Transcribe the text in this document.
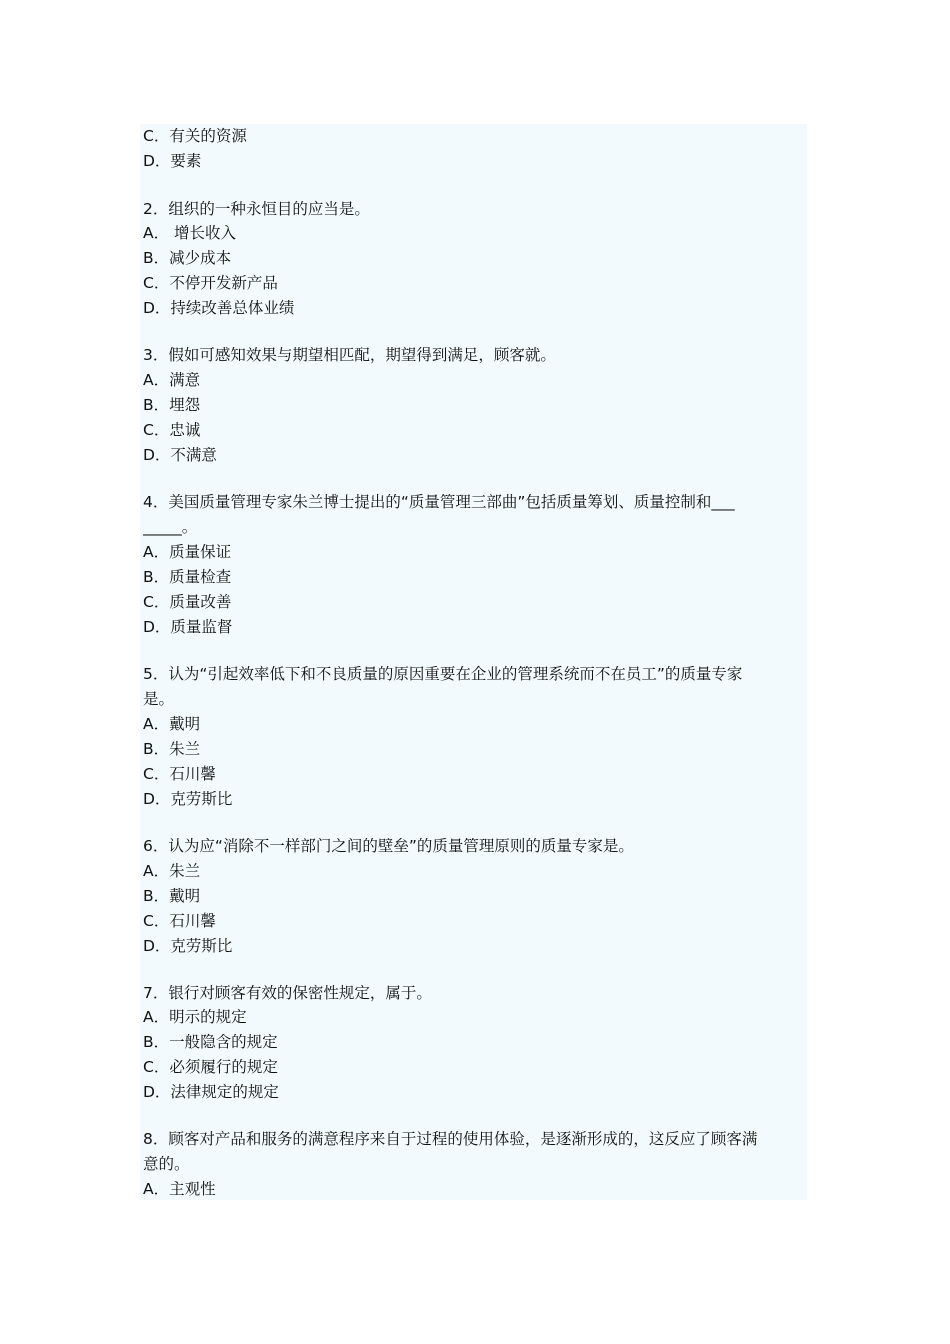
C．有关的资源
D．要素
2．组织的一种永恒目的应当是。
A． 增长收入
B．减少成本
C．不停开发新产品
D．持续改善总体业绩
3．假如可感知效果与期望相匹配，期望得到满足，顾客就。
A．满意
B．埋怨
C．忠诚
D．不满意
4．美国质量管理专家朱兰博士提出的“质量管理三部曲”包括质量筹划、质量控制和___
_____。
A．质量保证
B．质量检查
C．质量改善
D．质量监督
5．认为“引起效率低下和不良质量的原因重要在企业的管理系统而不在员工”的质量专家
是。
A．戴明
B．朱兰
C．石川馨
D．克劳斯比
6．认为应“消除不一样部门之间的壁垒”的质量管理原则的质量专家是。
A．朱兰
B．戴明
C．石川馨
D．克劳斯比
7．银行对顾客有效的保密性规定，属于。
A．明示的规定
B．一般隐含的规定
C．必须履行的规定
D．法律规定的规定
8．顾客对产品和服务的满意程序来自于过程的使用体验，是逐渐形成的，这反应了顾客满
意的。
A．主观性
